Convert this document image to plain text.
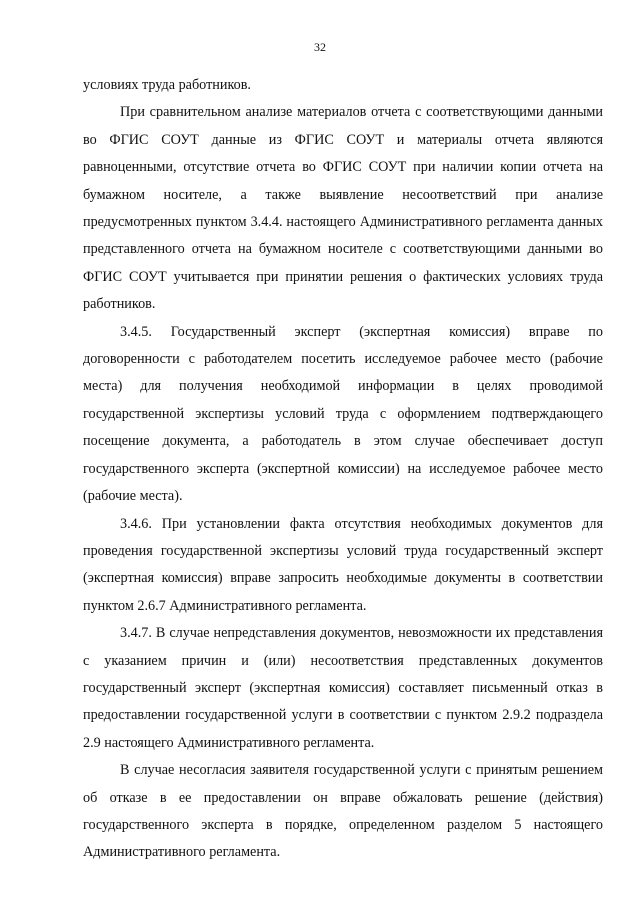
32

условиях труда работников.

При сравнительном анализе материалов отчета с соответствующими данными во ФГИС СОУТ данные из ФГИС СОУТ и материалы отчета являются равноценными, отсутствие отчета во ФГИС СОУТ при наличии копии отчета на бумажном носителе, а также выявление несоответствий при анализе предусмотренных пунктом 3.4.4. настоящего Административного регламента данных представленного отчета на бумажном носителе с соответствующими данными во ФГИС СОУТ учитывается при принятии решения о фактических условиях труда работников.

3.4.5. Государственный эксперт (экспертная комиссия) вправе по договоренности с работодателем посетить исследуемое рабочее место (рабочие места) для получения необходимой информации в целях проводимой государственной экспертизы условий труда с оформлением подтверждающего посещение документа, а работодатель в этом случае обеспечивает доступ государственного эксперта (экспертной комиссии) на исследуемое рабочее место (рабочие места).

3.4.6. При установлении факта отсутствия необходимых документов для проведения государственной экспертизы условий труда государственный эксперт (экспертная комиссия) вправе запросить необходимые документы в соответствии пунктом 2.6.7 Административного регламента.

3.4.7. В случае непредставления документов, невозможности их представления с указанием причин и (или) несоответствия представленных документов государственный эксперт (экспертная комиссия) составляет письменный отказ в предоставлении государственной услуги в соответствии с пунктом 2.9.2 подраздела 2.9 настоящего Административного регламента.

В случае несогласия заявителя государственной услуги с принятым решением об отказе в ее предоставлении он вправе обжаловать решение (действия) государственного эксперта в порядке, определенном разделом 5 настоящего Административного регламента.
